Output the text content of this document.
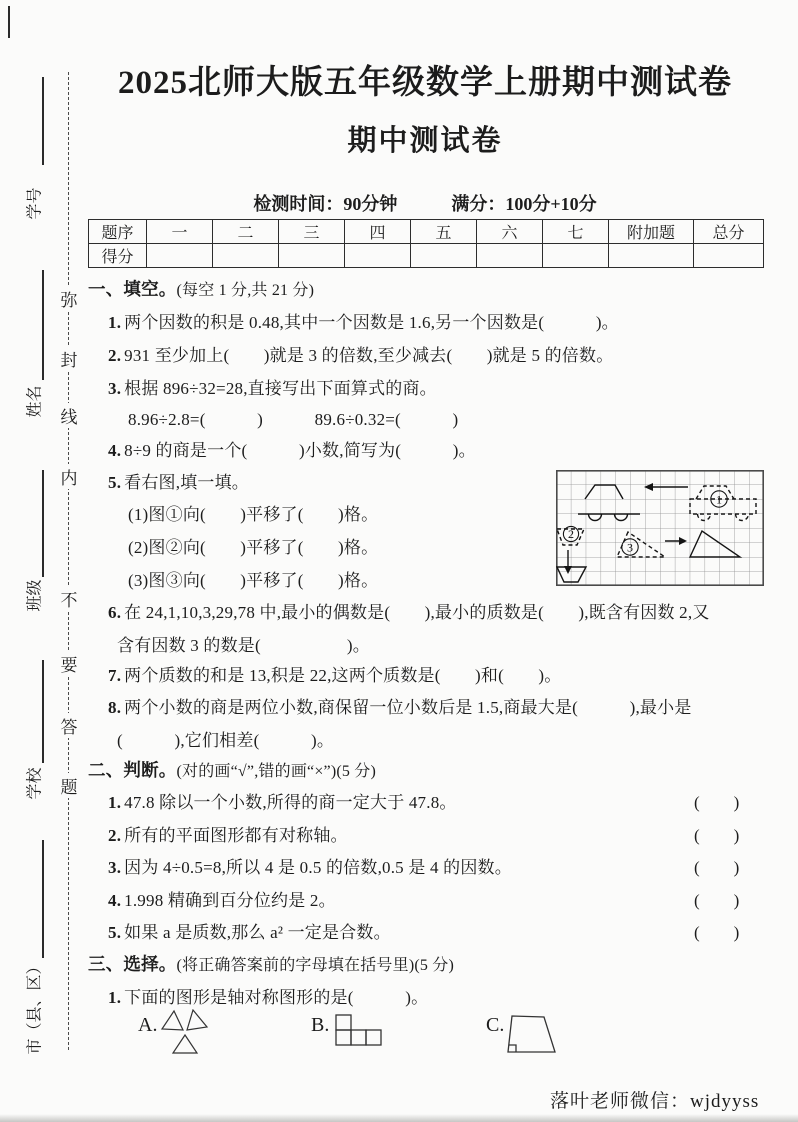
学号
姓名
班级
学校
市（县、区）
弥
封
线
内
不
要
答
题
2025北师大版五年级数学上册期中测试卷
期中测试卷
检测时间：90分钟　　　满分：100分+10分
题序	一	二	三	四	五	六	七	附加题	总分
得分									
一、填空。(每空 1 分,共 21 分)
1. 两个因数的积是 0.48,其中一个因数是 1.6,另一个因数是(　　　)。
2. 931 至少加上(　　)就是 3 的倍数,至少减去(　　)就是 5 的倍数。
3. 根据 896÷32=28,直接写出下面算式的商。
8.96÷2.8=(　　　)　　　89.6÷0.32=(　　　)
4. 8÷9 的商是一个(　　　)小数,简写为(　　　)。
5. 看右图,填一填。
(1)图①向(　　)平移了(　　)格。
(2)图②向(　　)平移了(　　)格。
(3)图③向(　　)平移了(　　)格。
6. 在 24,1,10,3,29,78 中,最小的偶数是(　　),最小的质数是(　　),既含有因数 2,又
含有因数 3 的数是(　　　　　)。
7. 两个质数的和是 13,积是 22,这两个质数是(　　)和(　　)。
8. 两个小数的商是两位小数,商保留一位小数后是 1.5,商最大是(　　　),最小是
(　　　),它们相差(　　　)。
1
2
3
二、判断。(对的画“√”,错的画“×”)(5 分)
1. 47.8 除以一个小数,所得的商一定大于 47.8。	(　　)
2. 所有的平面图形都有对称轴。	(　　)
3. 因为 4÷0.5=8,所以 4 是 0.5 的倍数,0.5 是 4 的因数。	(　　)
4. 1.998 精确到百分位约是 2。	(　　)
5. 如果 a 是质数,那么 a² 一定是合数。	(　　)
三、选择。(将正确答案前的字母填在括号里)(5 分)
1. 下面的图形是轴对称图形的是(　　　)。
A.	B.	C.
落叶老师微信：wjdyyss
